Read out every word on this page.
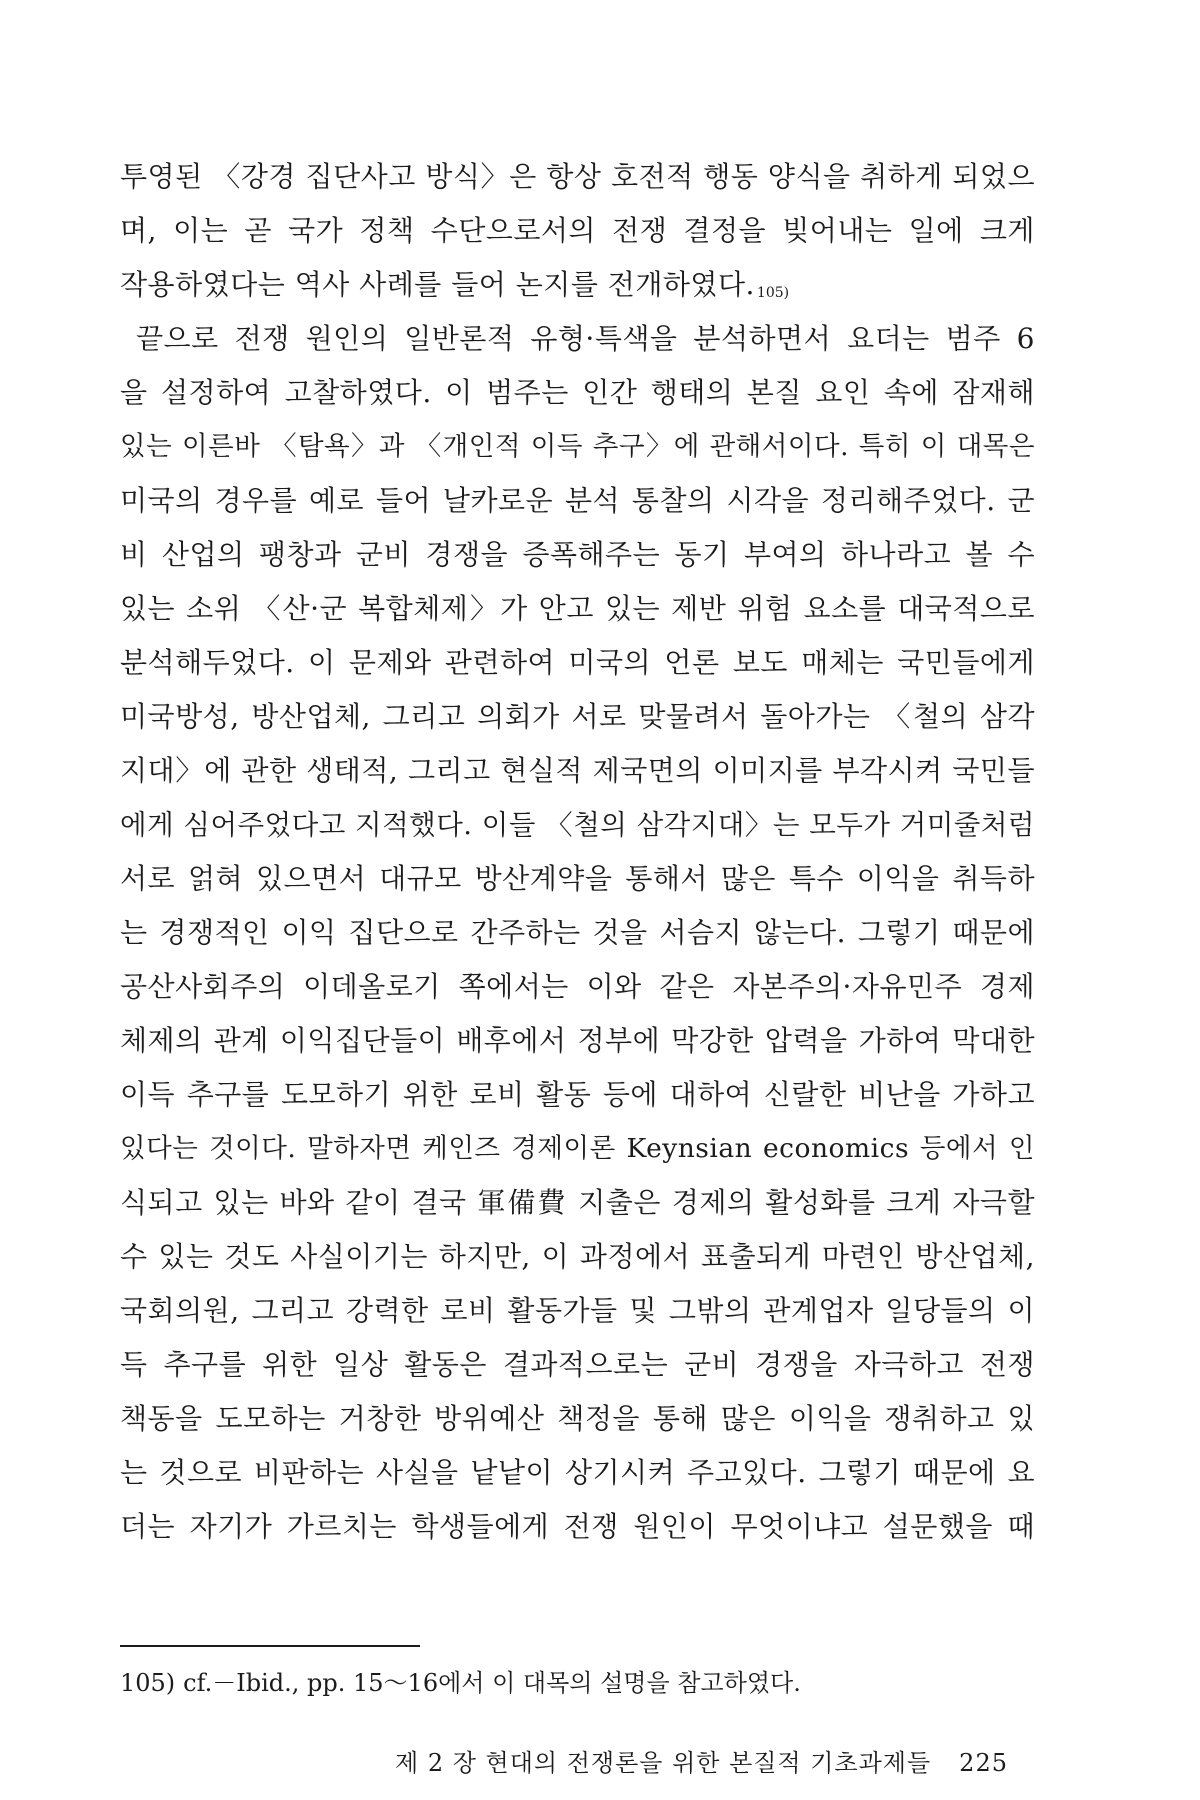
투영된 〈강경 집단사고 방식〉은 항상 호전적 행동 양식을 취하게 되었으
며, 이는 곧 국가 정책 수단으로서의 전쟁 결정을 빚어내는 일에 크게
작용하였다는 역사 사례를 들어 논지를 전개하였다. $^{105)}$
끝으로 전쟁 원인의 일반론적 유형·특색을 분석하면서 요더는 범주 6
을 설정하여 고찰하였다. 이 범주는 인간 행태의 본질 요인 속에 잠재해
있는 이른바 〈탐욕〉과 〈개인적 이득 추구〉에 관해서이다. 특히 이 대목은
미국의 경우를 예로 들어 날카로운 분석 통찰의 시각을 정리해주었다. 군
비 산업의 팽창과 군비 경쟁을 증폭해주는 동기 부여의 하나라고 볼 수
있는 소위 〈산·군 복합체제〉가 안고 있는 제반 위험 요소를 대국적으로
분석해두었다. 이 문제와 관련하여 미국의 언론 보도 매체는 국민들에게
미국방성, 방산업체, 그리고 의회가 서로 맞물려서 돌아가는 〈철의 삼각
지대〉에 관한 생태적, 그리고 현실적 제국면의 이미지를 부각시켜 국민들
에게 심어주었다고 지적했다. 이들 〈철의 삼각지대〉는 모두가 거미줄처럼
서로 얽혀 있으면서 대규모 방산계약을 통해서 많은 특수 이익을 취득하
는 경쟁적인 이익 집단으로 간주하는 것을 서슴지 않는다. 그렇기 때문에
공산사회주의 이데올로기 쪽에서는 이와 같은 자본주의·자유민주 경제
체제의 관계 이익집단들이 배후에서 정부에 막강한 압력을 가하여 막대한
이득 추구를 도모하기 위한 로비 활동 등에 대하여 신랄한 비난을 가하고
있다는 것이다. 말하자면 케인즈 경제이론 Keynsian economics 등에서 인
식되고 있는 바와 같이 결국 軍備費 지출은 경제의 활성화를 크게 자극할
수 있는 것도 사실이기는 하지만, 이 과정에서 표출되게 마련인 방산업체,
국회의원, 그리고 강력한 로비 활동가들 및 그밖의 관계업자 일당들의 이
득 추구를 위한 일상 활동은 결과적으로는 군비 경쟁을 자극하고 전쟁
책동을 도모하는 거창한 방위예산 책정을 통해 많은 이익을 쟁취하고 있
는 것으로 비판하는 사실을 낱낱이 상기시켜 주고있다. 그렇기 때문에 요
더는 자기가 가르치는 학생들에게 전쟁 원인이 무엇이냐고 설문했을 때
105) cf.－Ibid., pp. 15～16에서 이 대목의 설명을 참고하였다.
제 2 장 현대의 전쟁론을 위한 본질적 기초과제들 225
